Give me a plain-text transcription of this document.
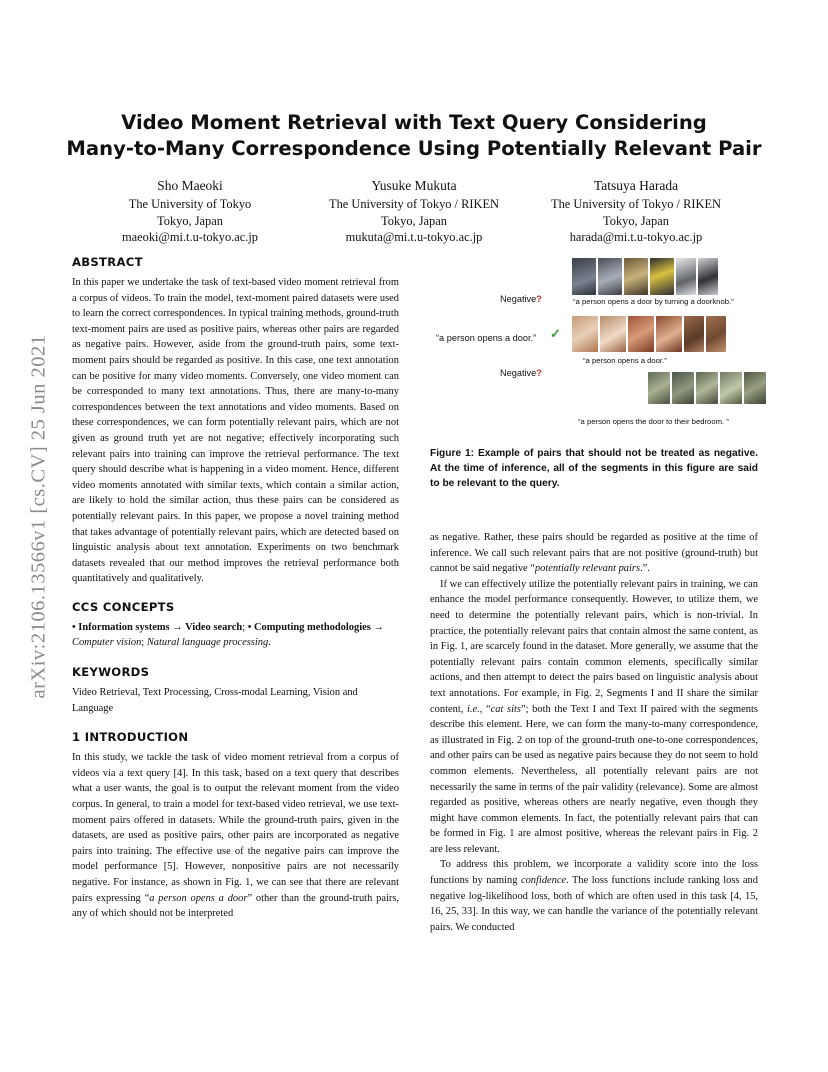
arXiv:2106.13566v1 [cs.CV] 25 Jun 2021
Video Moment Retrieval with Text Query Considering
Many-to-Many Correspondence Using Potentially Relevant Pair
Sho Maeoki
The University of Tokyo
Tokyo, Japan
maeoki@mi.t.u-tokyo.ac.jp
Yusuke Mukuta
The University of Tokyo / RIKEN
Tokyo, Japan
mukuta@mi.t.u-tokyo.ac.jp
Tatsuya Harada
The University of Tokyo / RIKEN
Tokyo, Japan
harada@mi.t.u-tokyo.ac.jp
ABSTRACT

In this paper we undertake the task of text-based video moment retrieval from a corpus of videos. To train the model, text-moment paired datasets were used to learn the correct correspondences. In typical training methods, ground-truth text-moment pairs are used as positive pairs, whereas other pairs are regarded as negative pairs. However, aside from the ground-truth pairs, some text-moment pairs should be regarded as positive. In this case, one text annotation can be positive for many video moments. Conversely, one video moment can be corresponded to many text annotations. Thus, there are many-to-many correspondences between the text annotations and video moments. Based on these correspondences, we can form potentially relevant pairs, which are not given as ground truth yet are not negative; effectively incorporating such relevant pairs into training can improve the retrieval performance. The text query should describe what is happening in a video moment. Hence, different video moments annotated with similar texts, which contain a similar action, are likely to hold the similar action, thus these pairs can be considered as potentially relevant pairs. In this paper, we propose a novel training method that takes advantage of potentially relevant pairs, which are detected based on linguistic analysis about text annotation. Experiments on two benchmark datasets revealed that our method improves the retrieval performance both quantitatively and qualitatively.

CCS CONCEPTS

• Information systems → Video search; • Computing methodologies → Computer vision; Natural language processing.

KEYWORDS

Video Retrieval, Text Processing, Cross-modal Learning, Vision and Language

1 INTRODUCTION

In this study, we tackle the task of video moment retrieval from a corpus of videos via a text query [4]. In this task, based on a text query that describes what a user wants, the goal is to output the relevant moment from the video corpus. In general, to train a model for text-based video retrieval, we use text-moment pairs offered in datasets. While the ground-truth pairs, given in the datasets, are used as positive pairs, other pairs are incorporated as negative pairs into training. The effective use of the negative pairs can improve the model performance [5]. However, nonpositive pairs are not necessarily negative. For instance, as shown in Fig. 1, we can see that there are relevant pairs expressing “a person opens a door” other than the ground-truth pairs, any of which should not be interpreted

Negative?	“a person opens a door by turning a doorknob.”
“a person opens a door.” ✓
“a person opens a door.”
Negative?
“a person opens the door to their bedroom. ”
Figure 1: Example of pairs that should not be treated as negative. At the time of inference, all of the segments in this figure are said to be relevant to the query.

as negative. Rather, these pairs should be regarded as positive at the time of inference. We call such relevant pairs that are not positive (ground-truth) but cannot be said negative “potentially relevant pairs.”.

If we can effectively utilize the potentially relevant pairs in training, we can enhance the model performance consequently. However, to utilize them, we need to determine the potentially relevant pairs, which is non-trivial. In practice, the potentially relevant pairs that contain almost the same content, as in Fig. 1, are scarcely found in the dataset. More generally, we assume that the potentially relevant pairs contain common elements, specifically similar actions, and then attempt to detect the pairs based on linguistic analysis about text annotations. For example, in Fig. 2, Segments I and II share the similar content, i.e., “cat sits”; both the Text I and Text II paired with the segments describe this element. Here, we can form the many-to-many correspondence, as illustrated in Fig. 2 on top of the ground-truth one-to-one correspondences, and other pairs can be used as negative pairs because they do not seem to hold common elements. Nevertheless, all potentially relevant pairs are not necessarily the same in terms of the pair validity (relevance). Some are almost regarded as positive, whereas others are nearly negative, even though they might have common elements. In fact, the potentially relevant pairs that can be formed in Fig. 1 are almost positive, whereas the relevant pairs in Fig. 2 are less relevant.

To address this problem, we incorporate a validity score into the loss functions by naming confidence. The loss functions include ranking loss and negative log-likelihood loss, both of which are often used in this task [4, 15, 16, 25, 33]. In this way, we can handle the variance of the potentially relevant pairs. We conducted
